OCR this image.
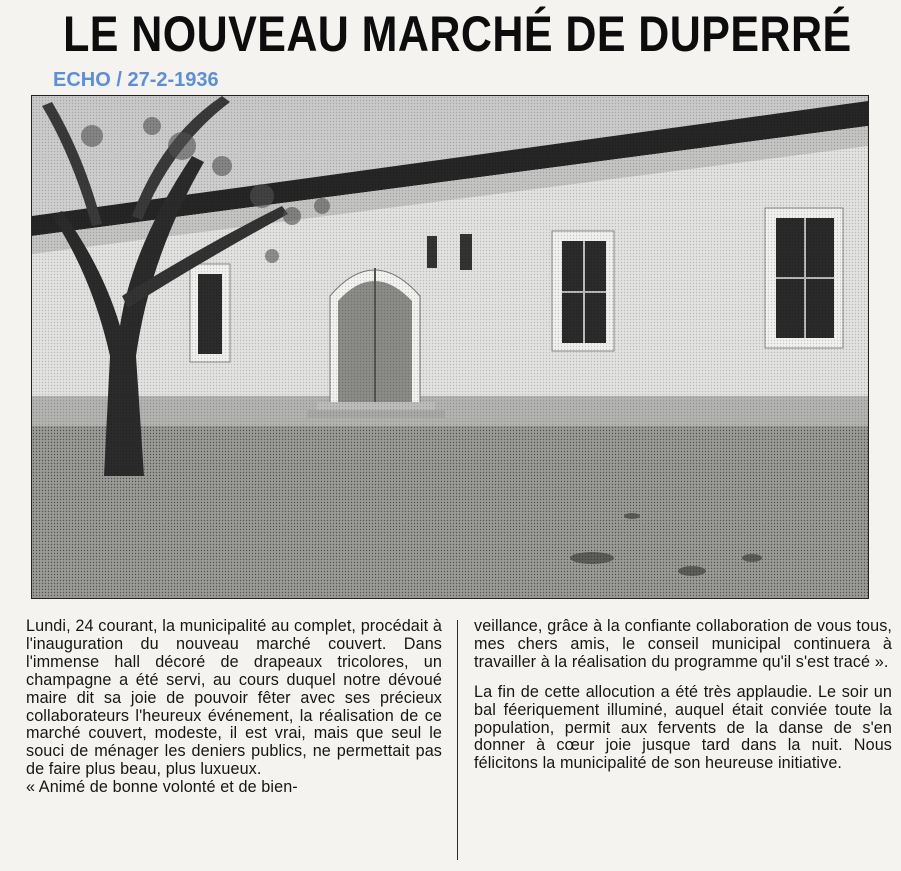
LE NOUVEAU MARCHÉ DE DUPERRÉ
ECHO / 27-2-1936

Lundi, 24 courant, la municipalité au complet, procédait à l'inauguration du nouveau marché couvert. Dans l'immense hall décoré de drapeaux tricolores, un champagne a été servi, au cours duquel notre dévoué maire dit sa joie de pouvoir fêter avec ses précieux collaborateurs l'heureux événement, la réalisation de ce marché couvert, modeste, il est vrai, mais que seul le souci de ménager les deniers publics, ne permettait pas de faire plus beau, plus luxueux.

« Animé de bonne volonté et de bien-

veillance, grâce à la confiante collaboration de vous tous, mes chers amis, le conseil municipal continuera à travailler à la réalisation du programme qu'il s'est tracé ».

La fin de cette allocution a été très applaudie. Le soir un bal féeriquement illuminé, auquel était conviée toute la population, permit aux fervents de la danse de s'en donner à cœur joie jusque tard dans la nuit. Nous félicitons la municipalité de son heureuse initiative.
